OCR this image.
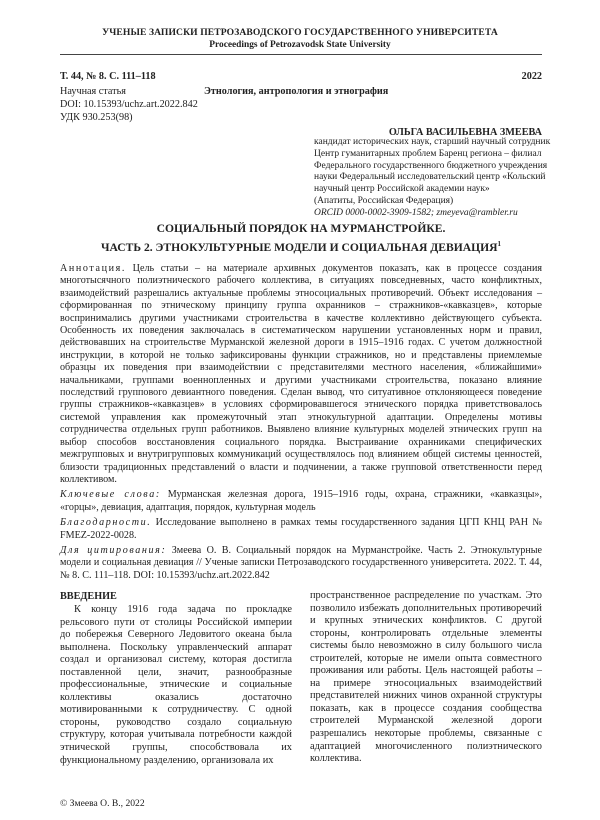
УЧЕНЫЕ ЗАПИСКИ ПЕТРОЗАВОДСКОГО ГОСУДАРСТВЕННОГО УНИВЕРСИТЕТА
Proceedings of Petrozavodsk State University
Т. 44, № 8. С. 111–118	2022
Научная статья	Этнология, антропология и этнография
DOI: 10.15393/uchz.art.2022.842
УДК 930.253(98)
ОЛЬГА ВАСИЛЬЕВНА ЗМЕЕВА
кандидат исторических наук, старший научный сотрудник
Центр гуманитарных проблем Баренц региона – филиал
Федерального государственного бюджетного учреждения
науки Федеральный исследовательский центр «Кольский
научный центр Российской академии наук»
(Апатиты, Российская Федерация)
ORCID 0000-0002-3909-1582; zmeyeva@rambler.ru
СОЦИАЛЬНЫЙ ПОРЯДОК НА МУРМАНСТРОЙКЕ.
ЧАСТЬ 2. ЭТНОКУЛЬТУРНЫЕ МОДЕЛИ И СОЦИАЛЬНАЯ ДЕВИАЦИЯ$^1$

Аннотация. Цель статьи – на материале архивных документов показать, как в процессе создания многотысячного полиэтнического рабочего коллектива, в ситуациях повседневных, часто конфликтных, взаимодействий разрешались актуальные проблемы этносоциальных противоречий. Объект исследования – сформированная по этническому принципу группа охранников – стражников-«кавказцев», которые воспринимались другими участниками строительства в качестве коллективно действующего субъекта. Особенность их поведения заключалась в систематическом нарушении установленных норм и правил, действовавших на строительстве Мурманской железной дороги в 1915–1916 годах. С учетом должностной инструкции, в которой не только зафиксированы функции стражников, но и представлены приемлемые образцы их поведения при взаимодействии с представителями местного населения, «ближайшими» начальниками, группами военнопленных и другими участниками строительства, показано влияние последствий группового девиантного поведения. Сделан вывод, что ситуативное отклоняющееся поведение группы стражников-«кавказцев» в условиях сформировавшегося этнического порядка приветствовалось системой управления как промежуточный этап этнокультурной адаптации. Определены мотивы сотрудничества отдельных групп работников. Выявлено влияние культурных моделей этнических групп на выбор способов восстановления социального порядка. Выстраивание охранниками специфических межгрупповых и внутригрупповых коммуникаций осуществлялось под влиянием общей системы ценностей, близости традиционных представлений о власти и подчинении, а также групповой ответственности перед коллективом.

Ключевые слова: Мурманская железная дорога, 1915–1916 годы, охрана, стражники, «кавказцы», «горцы», девиация, адаптация, порядок, культурная модель

Благодарности. Исследование выполнено в рамках темы государственного задания ЦГП КНЦ РАН № FMEZ-2022-0028.

Для цитирования: Змеева О. В. Социальный порядок на Мурманстройке. Часть 2. Этнокультурные модели и социальная девиация // Ученые записки Петрозаводского государственного университета. 2022. Т. 44, № 8. С. 111–118. DOI: 10.15393/uchz.art.2022.842

ВВЕДЕНИЕ

К концу 1916 года задача по прокладке рельсового пути от столицы Российской империи до побережья Северного Ледовитого океана была выполнена. Поскольку управленческий аппарат создал и организовал систему, которая достигла поставленной цели, значит, разнообразные профессиональные, этнические и социальные коллективы оказались достаточно мотивированными к сотрудничеству. С одной стороны, руководство создало социальную структуру, которая учитывала потребности каждой этнической группы, способствовала их функциональному разделению, организовала их

пространственное распределение по участкам. Это позволило избежать дополнительных противоречий и крупных этнических конфликтов. С другой стороны, контролировать отдельные элементы системы было невозможно в силу большого числа строителей, которые не имели опыта совместного проживания или работы. Цель настоящей работы – на примере этносоциальных взаимодействий представителей нижних чинов охранной структуры показать, как в процессе создания сообщества строителей Мурманской железной дороги разрешались некоторые проблемы, связанные с адаптацией многочисленного полиэтнического коллектива.

© Змеева О. В., 2022
